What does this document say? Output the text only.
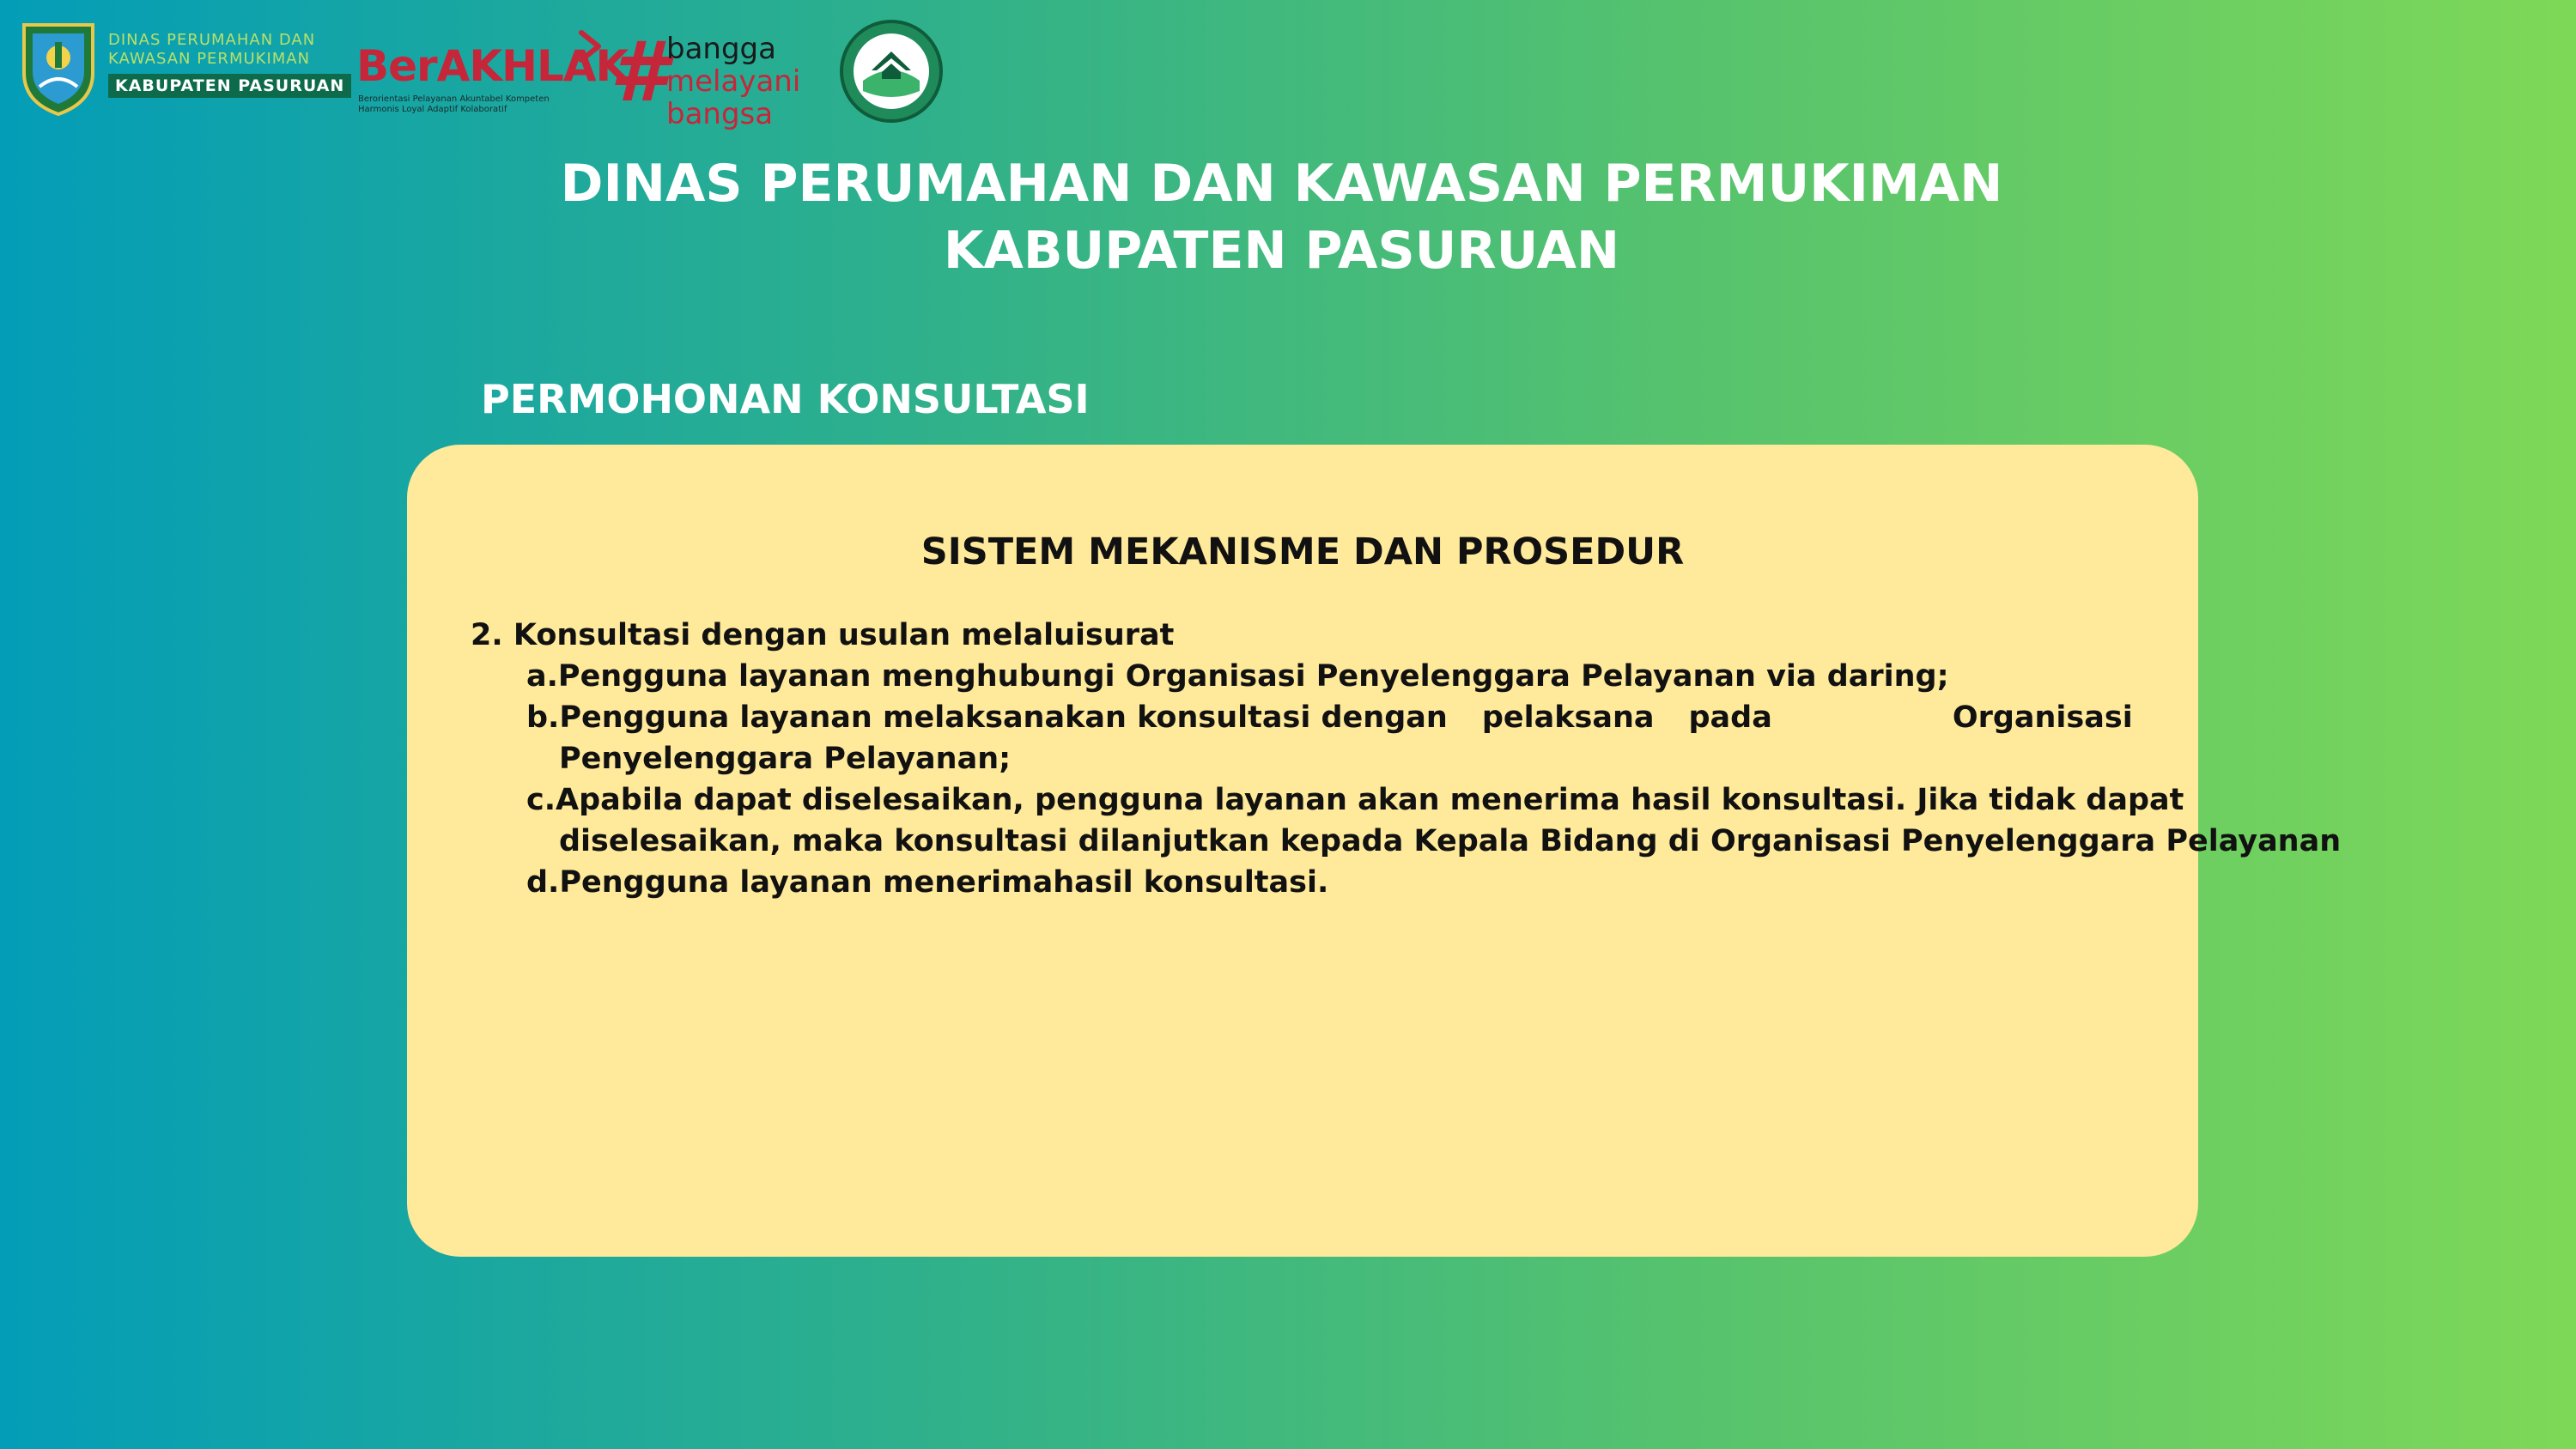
DINAS PERUMAHAN DAN
KAWASAN PERMUKIMAN
KABUPATEN PASURUAN BerAKHLAK
Berorientasi Pelayanan Akuntabel Kompeten
Harmonis Loyal Adaptif Kolaboratif	# bangga
melayani
bangsa
DINAS PERUMAHAN DAN KAWASAN PERMUKIMAN
KABUPATEN PASURUAN
PERMOHONAN KONSULTASI
SISTEM MEKANISME DAN PROSEDUR
2. Konsultasi dengan usulan melaluisurat
a.Pengguna layanan menghubungi Organisasi Penyelenggara Pelayanan via daring;
b.Pengguna layanan melaksanakan konsultasi dengan pelaksana pada	Organisasi
Penyelenggara Pelayanan;
c.Apabila dapat diselesaikan, pengguna layanan akan menerima hasil konsultasi. Jika tidak dapat
diselesaikan, maka konsultasi dilanjutkan kepada Kepala Bidang di Organisasi Penyelenggara Pelayanan
d.Pengguna layanan menerimahasil konsultasi.
